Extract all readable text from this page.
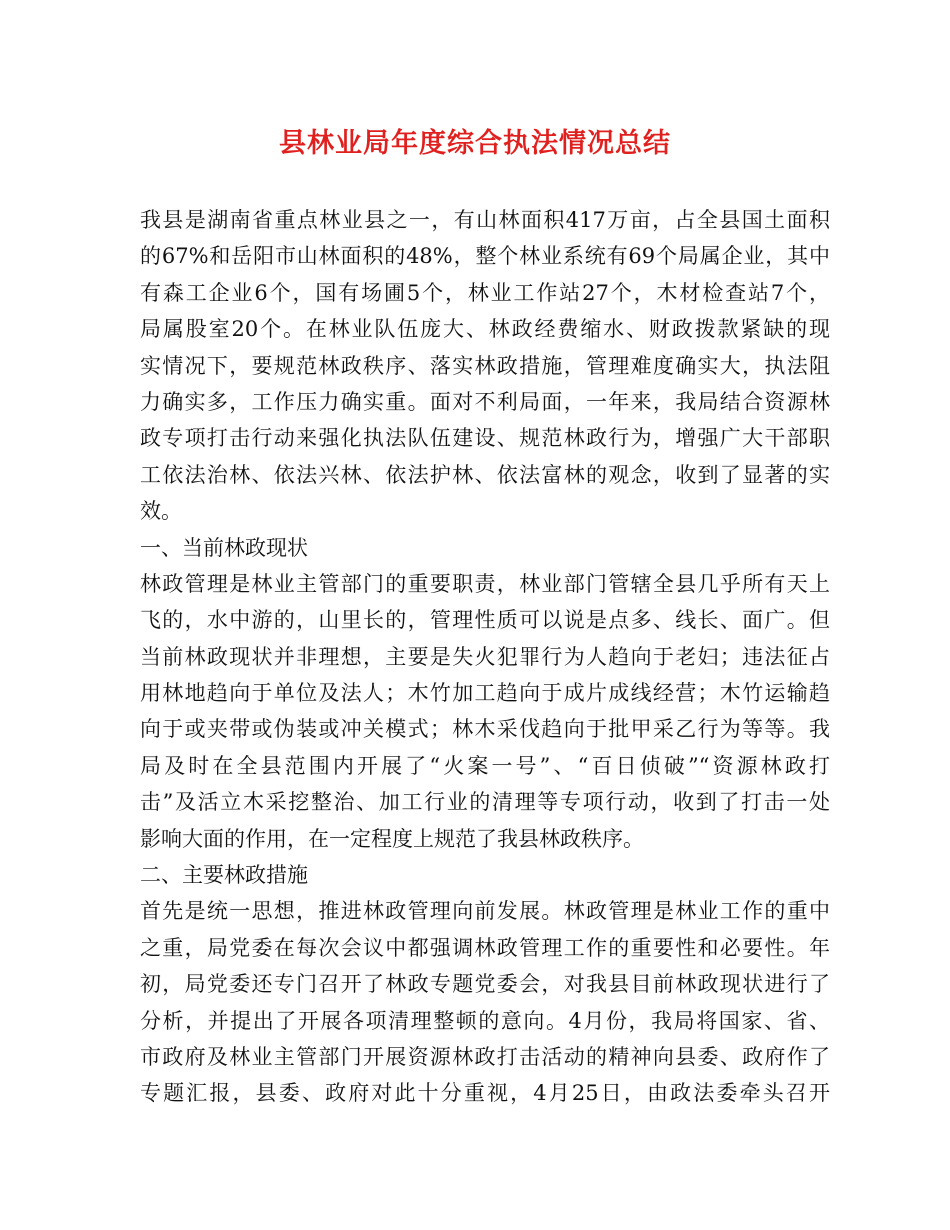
县林业局年度综合执法情况总结
我县是湖南省重点林业县之一，有山林面积417万亩，占全县国土面积
的67%和岳阳市山林面积的48%，整个林业系统有69个局属企业，其中
有森工企业6个，国有场圃5个，林业工作站27个，木材检查站7个，
局属股室20个。在林业队伍庞大、林政经费缩水、财政拨款紧缺的现
实情况下，要规范林政秩序、落实林政措施，管理难度确实大，执法阻
力确实多，工作压力确实重。面对不利局面，一年来，我局结合资源林
政专项打击行动来强化执法队伍建设、规范林政行为，增强广大干部职
工依法治林、依法兴林、依法护林、依法富林的观念，收到了显著的实
效。
一、当前林政现状
林政管理是林业主管部门的重要职责，林业部门管辖全县几乎所有天上
飞的，水中游的，山里长的，管理性质可以说是点多、线长、面广。但
当前林政现状并非理想，主要是失火犯罪行为人趋向于老妇；违法征占
用林地趋向于单位及法人；木竹加工趋向于成片成线经营；木竹运输趋
向于或夹带或伪装或冲关模式；林木采伐趋向于批甲采乙行为等等。我
局及时在全县范围内开展了“火案一号”、“百日侦破”“资源林政打
击”及活立木采挖整治、加工行业的清理等专项行动，收到了打击一处
影响大面的作用，在一定程度上规范了我县林政秩序。
二、主要林政措施
首先是统一思想，推进林政管理向前发展。林政管理是林业工作的重中
之重，局党委在每次会议中都强调林政管理工作的重要性和必要性。年
初，局党委还专门召开了林政专题党委会，对我县目前林政现状进行了
分析，并提出了开展各项清理整顿的意向。4月份，我局将国家、省、
市政府及林业主管部门开展资源林政打击活动的精神向县委、政府作了
专题汇报，县委、政府对此十分重视，4月25日，由政法委牵头召开
